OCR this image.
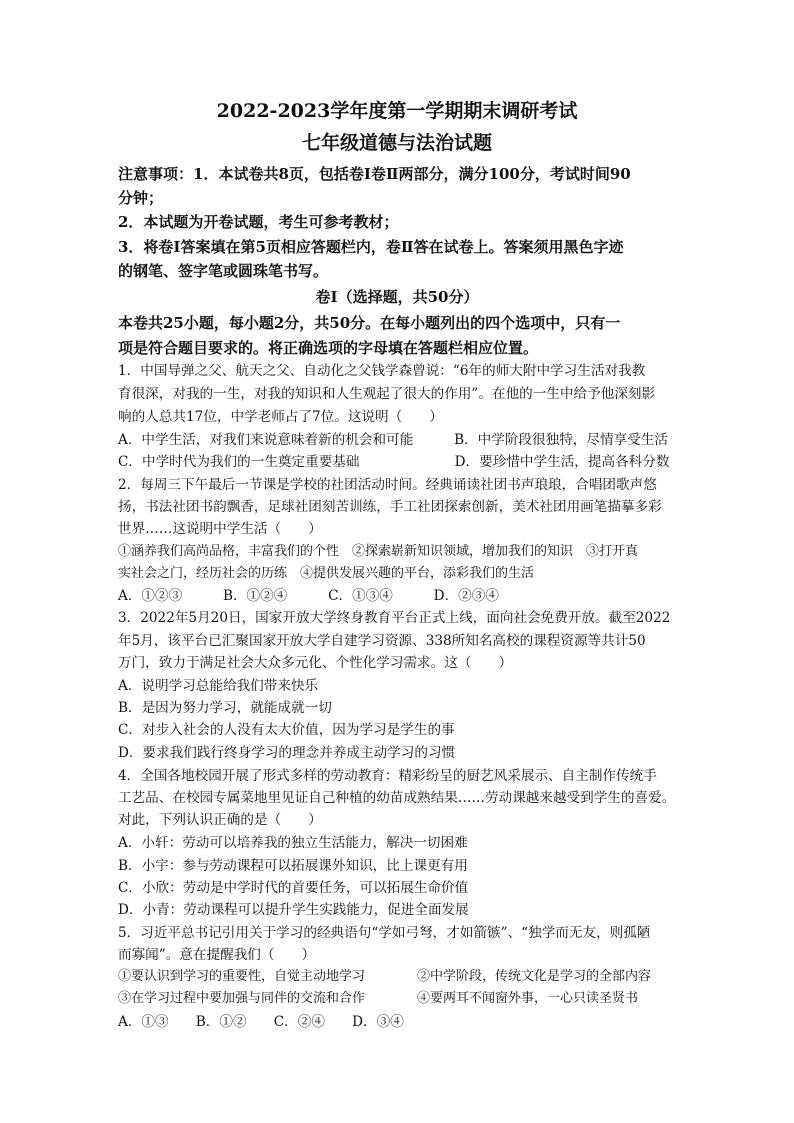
2022-2023学年度第一学期期末调研考试
七年级道德与法治试题
注意事项：1．本试卷共8页，包括卷Ⅰ卷Ⅱ两部分，满分100分，考试时间90
分钟；
2．本试题为开卷试题，考生可参考教材；
3．将卷Ⅰ答案填在第5页相应答题栏内，卷Ⅱ答在试卷上。答案须用黑色字迹
的钢笔、签字笔或圆珠笔书写。
卷Ⅰ（选择题，共50分）
本卷共25小题，每小题2分，共50分。在每小题列出的四个选项中，只有一
项是符合题目要求的。将正确选项的字母填在答题栏相应位置。
1．中国导弹之父、航天之父、自动化之父钱学森曾说：“6年的师大附中学习生活对我教
育很深，对我的一生，对我的知识和人生观起了很大的作用”。在他的一生中给予他深刻影
响的人总共17位，中学老师占了7位。这说明（　　）
A．中学生活，对我们来说意味着新的机会和可能　　　B．中学阶段很独特，尽情享受生活
C．中学时代为我们的一生奠定重要基础　　　　　　　D．要珍惜中学生活，提高各科分数
2．每周三下午最后一节课是学校的社团活动时间。经典诵读社团书声琅琅，合唱团歌声悠
扬，书法社团书韵飘香，足球社团刻苦训练，手工社团探索创新，美术社团用画笔描摹多彩
世界……这说明中学生活（　　）
①涵养我们高尚品格，丰富我们的个性　②探索崭新知识领域，增加我们的知识　③打开真
实社会之门，经历社会的历练　④提供发展兴趣的平台，添彩我们的生活
A．①②③　　　B．①②④　　　C．①③④　　　D．②③④
3．2022年5月20日，国家开放大学终身教育平台正式上线，面向社会免费开放。截至2022
年5月，该平台已汇聚国家开放大学自建学习资源、338所知名高校的课程资源等共计50
万门，致力于满足社会大众多元化、个性化学习需求。这（　　）
A．说明学习总能给我们带来快乐
B．是因为努力学习，就能成就一切
C．对步入社会的人没有太大价值，因为学习是学生的事
D．要求我们践行终身学习的理念并养成主动学习的习惯
4．全国各地校园开展了形式多样的劳动教育：精彩纷呈的厨艺风采展示、自主制作传统手
工艺品、在校园专属菜地里见证自己种植的幼苗成熟结果……劳动课越来越受到学生的喜爱。
对此，下列认识正确的是（　　）
A．小轩：劳动可以培养我的独立生活能力，解决一切困难
B．小宇：参与劳动课程可以拓展课外知识，比上课更有用
C．小欣：劳动是中学时代的首要任务，可以拓展生命价值
D．小青：劳动课程可以提升学生实践能力，促进全面发展
5．习近平总书记引用关于学习的经典语句“学如弓弩，才如箭镞”、“独学而无友，则孤陋
而寡闻”。意在提醒我们（　　）
①要认识到学习的重要性，自觉主动地学习　　　　②中学阶段，传统文化是学习的全部内容
③在学习过程中要加强与同伴的交流和合作　　　　④要两耳不闻窗外事，一心只读圣贤书
A．①③　　B．①②　　C．②④　　D．③④
